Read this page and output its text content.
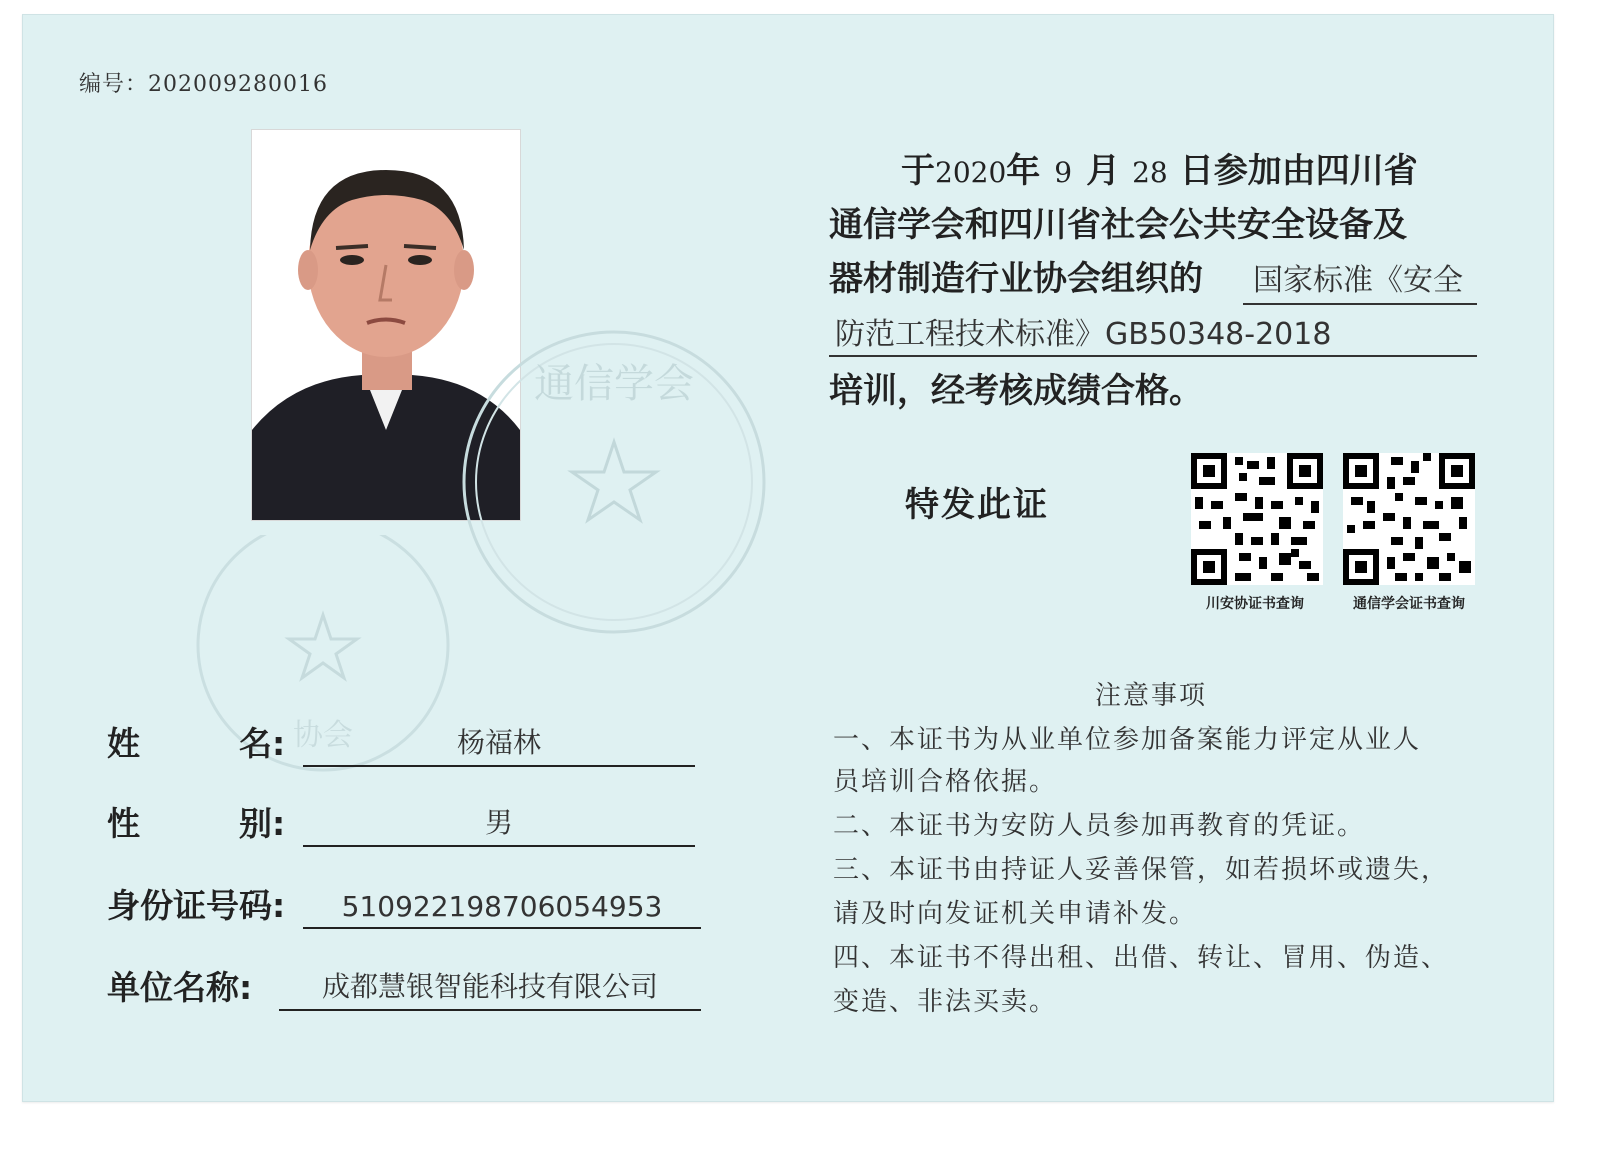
编号：202009280016
通信学会
协会
姓　　　名:	杨福林
性　　　别:	男
身份证号码:	510922198706054953
单位名称:	成都慧银智能科技有限公司
于2020年 9 月 28 日参加由四川省
通信学会和四川省社会公共安全设备及
器材制造行业协会组织的 国家标准《安全
防范工程技术标准》GB50348-2018
培训，经考核成绩合格。
特发此证
川安协证书查询	通信学会证书查询
注意事项
一、本证书为从业单位参加备案能力评定从业人
员培训合格依据。
二、本证书为安防人员参加再教育的凭证。
三、本证书由持证人妥善保管，如若损坏或遗失，
请及时向发证机关申请补发。
四、本证书不得出租、出借、转让、冒用、伪造、
变造、非法买卖。
